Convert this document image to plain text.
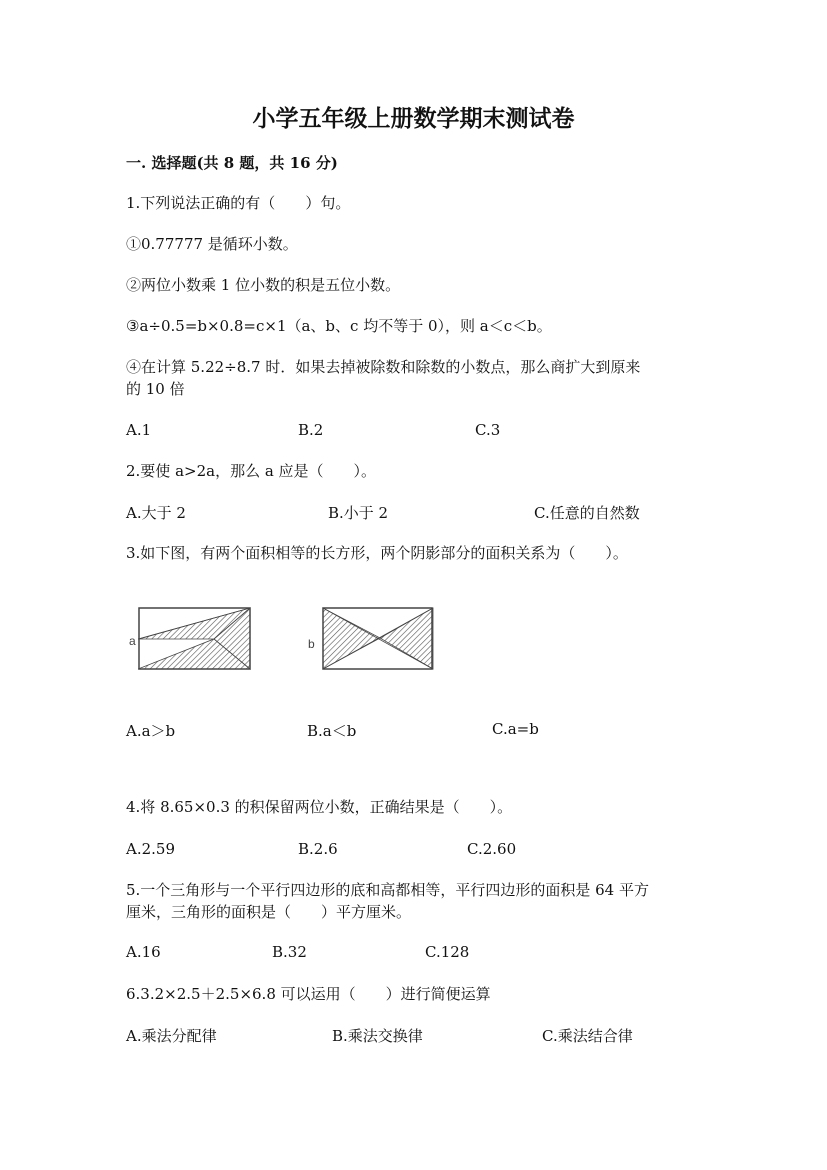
小学五年级上册数学期末测试卷
一. 选择题(共 8 题，共 16 分)
1.下列说法正确的有（　　）句。
①0.77777 是循环小数。
②两位小数乘 1 位小数的积是五位小数。
③a÷0.5=b×0.8=c×1（a、b、c 均不等于 0），则 a＜c＜b。
④在计算 5.22÷8.7 时．如果去掉被除数和除数的小数点，那么商扩大到原来
的 10 倍
A.1	B.2	C.3
2.要使 a>2a，那么 a 应是（　　）。
A.大于 2	B.小于 2	C.任意的自然数
3.如下图，有两个面积相等的长方形，两个阴影部分的面积关系为（　　）。
a	b
A.a＞b	B.a＜b	C.a=b
4.将 8.65×0.3 的积保留两位小数，正确结果是（　　）。
A.2.59	B.2.6	C.2.60
5.一个三角形与一个平行四边形的底和高都相等，平行四边形的面积是 64 平方
厘米，三角形的面积是（　　）平方厘米。
A.16	B.32	C.128
6.3.2×2.5＋2.5×6.8 可以运用（　　）进行简便运算
A.乘法分配律	B.乘法交换律	C.乘法结合律
